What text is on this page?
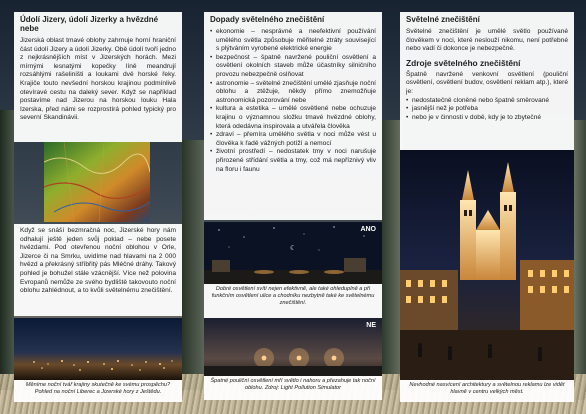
Údolí Jizery, údolí Jizerky a hvězdné nebe
Jizerská oblast tmavé oblohy zahrnuje horní hraniční část údolí Jizery a údolí Jizerky. Obě údolí tvoří jedno z nejkrásnějších míst v Jizerských horách. Mezi mírnými lesnatými kopečky líně meandrují rozsáhlými rašeliništi a loukami dvě horské řeky. Krajiče touto nevšední horskou krajinou podmínlivě otevíravé cestu na daleký sever. Když se například postavíme nad Jizerou na horskou louku Hala Izerska, před námi se rozprostírá pohled typický pro severní Skandinávii.
Když se snáší bezmračná noc, Jizerské hory nám odhalují ještě jeden svůj poklad – nebe posete hvězdami. Pod otevřenou noční oblohou v Orle, Jizerce či na Smrku, uvidíme nad hlavami na 2 000 hvězd a překrásný stříbřitý pás Mléčné dráhy. Takový pohled je bohužel stále vzácnější. Více než polovina Evropanů nemůže ze svého bydliště takovouto noční oblohu zahlédnout, a to kvůli světelnému znečištění.
Měníme noční tvář krajiny skutečně ke svému prospěchu? Pohled na noční Liberec a Jizerské hory z Ještědu.
Dopady světelného znečištění
• ekonomie – nesprávné a neefektivní používání umělého světla způsobuje měřitelné ztráty související s plýtváním vyrobené elektrické energie
• bezpečnost – špatně navržené pouliční osvětlení a osvětlení okolních staveb může účastníky silničního provozu nebezpečně oslňovat
• astronomie – světelné znečištění umělé zjasňuje noční oblohu a ztěžuje, někdy přímo znemožňuje astronomická pozorování nebe
• kultura a estetika – umělé osvětlené nebe ochuzuje krajinu o významnou složku tmavé hvězdné oblohy, která odedávna inspirovala a utvářela člověka
• zdraví – přemíra umělého světla v noci může vést u člověka k řadě vážných potíží a nemocí
• životní prostředí – nedostatek tmy v noci narušuje přirozené střídání světla a tmy, což má nepříznivý vliv na floru i faunu
☾
ANO
Dobré osvětlení svítí nejen efektivně, ale také ohleduplně a při funkčním osvětlení ulice a chodníku nezbytně také ke světelnému znečištění.
NE
Špatné pouliční osvětlení mří světlo i nahoru a přezahuje tak noční oblohu. Zdroj: Light Pollution Simulator
Světelné znečištění
Světelné znečištění je umělé světlo používané člověkem v noci, které neslouží nikomu, není potřebné nebo vadí či dokonce je nebezpečné.
Zdroje světelného znečištění
Špatně navržené venkovní osvětlení (pouliční osvětlení, osvětlení budov, osvětlení reklam atp.), které je:
• nedostatečně cloněné nebo špatně směrované
• jasnější než je potřeba
• nebo je v činnosti v době, kdy je to zbytečné
Nevhodné nasvícení architektury a světelnou reklamu lze vidět hlavně v centru velkých měst.
